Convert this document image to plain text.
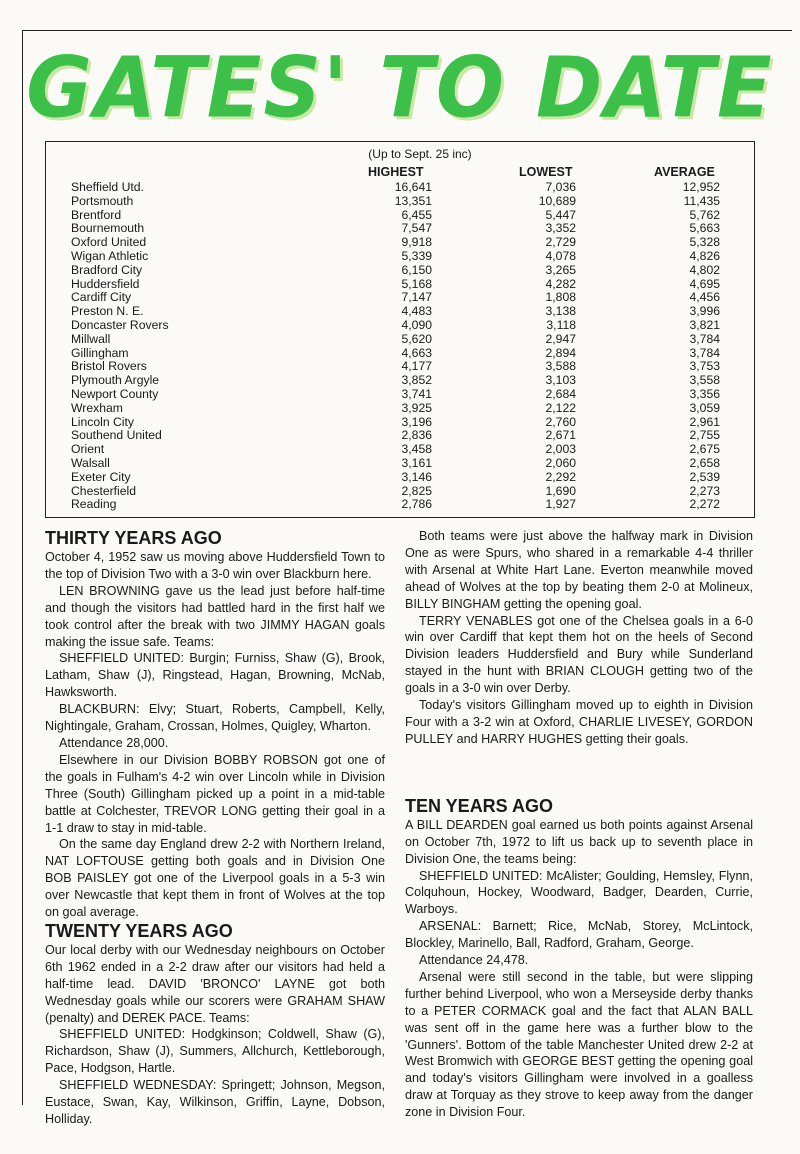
GATES' TO DATE
(Up to Sept. 25 inc)
HIGHEST	LOWEST	AVERAGE
Sheffield Utd.	16,641	7,036	12,952
Portsmouth	13,351	10,689	11,435
Brentford	6,455	5,447	5,762
Bournemouth	7,547	3,352	5,663
Oxford United	9,918	2,729	5,328
Wigan Athletic	5,339	4,078	4,826
Bradford City	6,150	3,265	4,802
Huddersfield	5,168	4,282	4,695
Cardiff City	7,147	1,808	4,456
Preston N. E.	4,483	3,138	3,996
Doncaster Rovers	4,090	3,118	3,821
Millwall	5,620	2,947	3,784
Gillingham	4,663	2,894	3,784
Bristol Rovers	4,177	3,588	3,753
Plymouth Argyle	3,852	3,103	3,558
Newport County	3,741	2,684	3,356
Wrexham	3,925	2,122	3,059
Lincoln City	3,196	2,760	2,961
Southend United	2,836	2,671	2,755
Orient	3,458	2,003	2,675
Walsall	3,161	2,060	2,658
Exeter City	3,146	2,292	2,539
Chesterfield	2,825	1,690	2,273
Reading	2,786	1,927	2,272
THIRTY YEARS AGO

October 4, 1952 saw us moving above Huddersfield Town to the top of Division Two with a 3-0 win over Blackburn here.

LEN BROWNING gave us the lead just before half-time and though the visitors had battled hard in the first half we took control after the break with two JIMMY HAGAN goals making the issue safe. Teams:

SHEFFIELD UNITED: Burgin; Furniss, Shaw (G), Brook, Latham, Shaw (J), Ringstead, Hagan, Browning, McNab, Hawksworth.

BLACKBURN: Elvy; Stuart, Roberts, Campbell, Kelly, Nightingale, Graham, Crossan, Holmes, Quigley, Wharton.

Attendance 28,000.

Elsewhere in our Division BOBBY ROBSON got one of the goals in Fulham's 4-2 win over Lincoln while in Division Three (South) Gillingham picked up a point in a mid-table battle at Colchester, TREVOR LONG getting their goal in a 1-1 draw to stay in mid-table.

On the same day England drew 2-2 with Northern Ireland, NAT LOFTOUSE getting both goals and in Division One BOB PAISLEY got one of the Liverpool goals in a 5-3 win over Newcastle that kept them in front of Wolves at the top on goal average.

TWENTY YEARS AGO

Our local derby with our Wednesday neighbours on October 6th 1962 ended in a 2-2 draw after our visitors had held a half-time lead. DAVID 'BRONCO' LAYNE got both Wednesday goals while our scorers were GRAHAM SHAW (penalty) and DEREK PACE. Teams:

SHEFFIELD UNITED: Hodgkinson; Coldwell, Shaw (G), Richardson, Shaw (J), Summers, Allchurch, Kettleborough, Pace, Hodgson, Hartle.

SHEFFIELD WEDNESDAY: Springett; Johnson, Megson, Eustace, Swan, Kay, Wilkinson, Griffin, Layne, Dobson, Holliday.

Both teams were just above the halfway mark in Division One as were Spurs, who shared in a remarkable 4-4 thriller with Arsenal at White Hart Lane. Everton meanwhile moved ahead of Wolves at the top by beating them 2-0 at Molineux, BILLY BINGHAM getting the opening goal.

TERRY VENABLES got one of the Chelsea goals in a 6-0 win over Cardiff that kept them hot on the heels of Second Division leaders Huddersfield and Bury while Sunderland stayed in the hunt with BRIAN CLOUGH getting two of the goals in a 3-0 win over Derby.

Today's visitors Gillingham moved up to eighth in Division Four with a 3-2 win at Oxford, CHARLIE LIVESEY, GORDON PULLEY and HARRY HUGHES getting their goals.

TEN YEARS AGO

A BILL DEARDEN goal earned us both points against Arsenal on October 7th, 1972 to lift us back up to seventh place in Division One, the teams being:

SHEFFIELD UNITED: McAlister; Goulding, Hemsley, Flynn, Colquhoun, Hockey, Woodward, Badger, Dearden, Currie, Warboys.

ARSENAL: Barnett; Rice, McNab, Storey, McLintock, Blockley, Marinello, Ball, Radford, Graham, George.

Attendance 24,478.

Arsenal were still second in the table, but were slipping further behind Liverpool, who won a Merseyside derby thanks to a PETER CORMACK goal and the fact that ALAN BALL was sent off in the game here was a further blow to the 'Gunners'. Bottom of the table Manchester United drew 2-2 at West Bromwich with GEORGE BEST getting the opening goal and today's visitors Gillingham were involved in a goalless draw at Torquay as they strove to keep away from the danger zone in Division Four.
